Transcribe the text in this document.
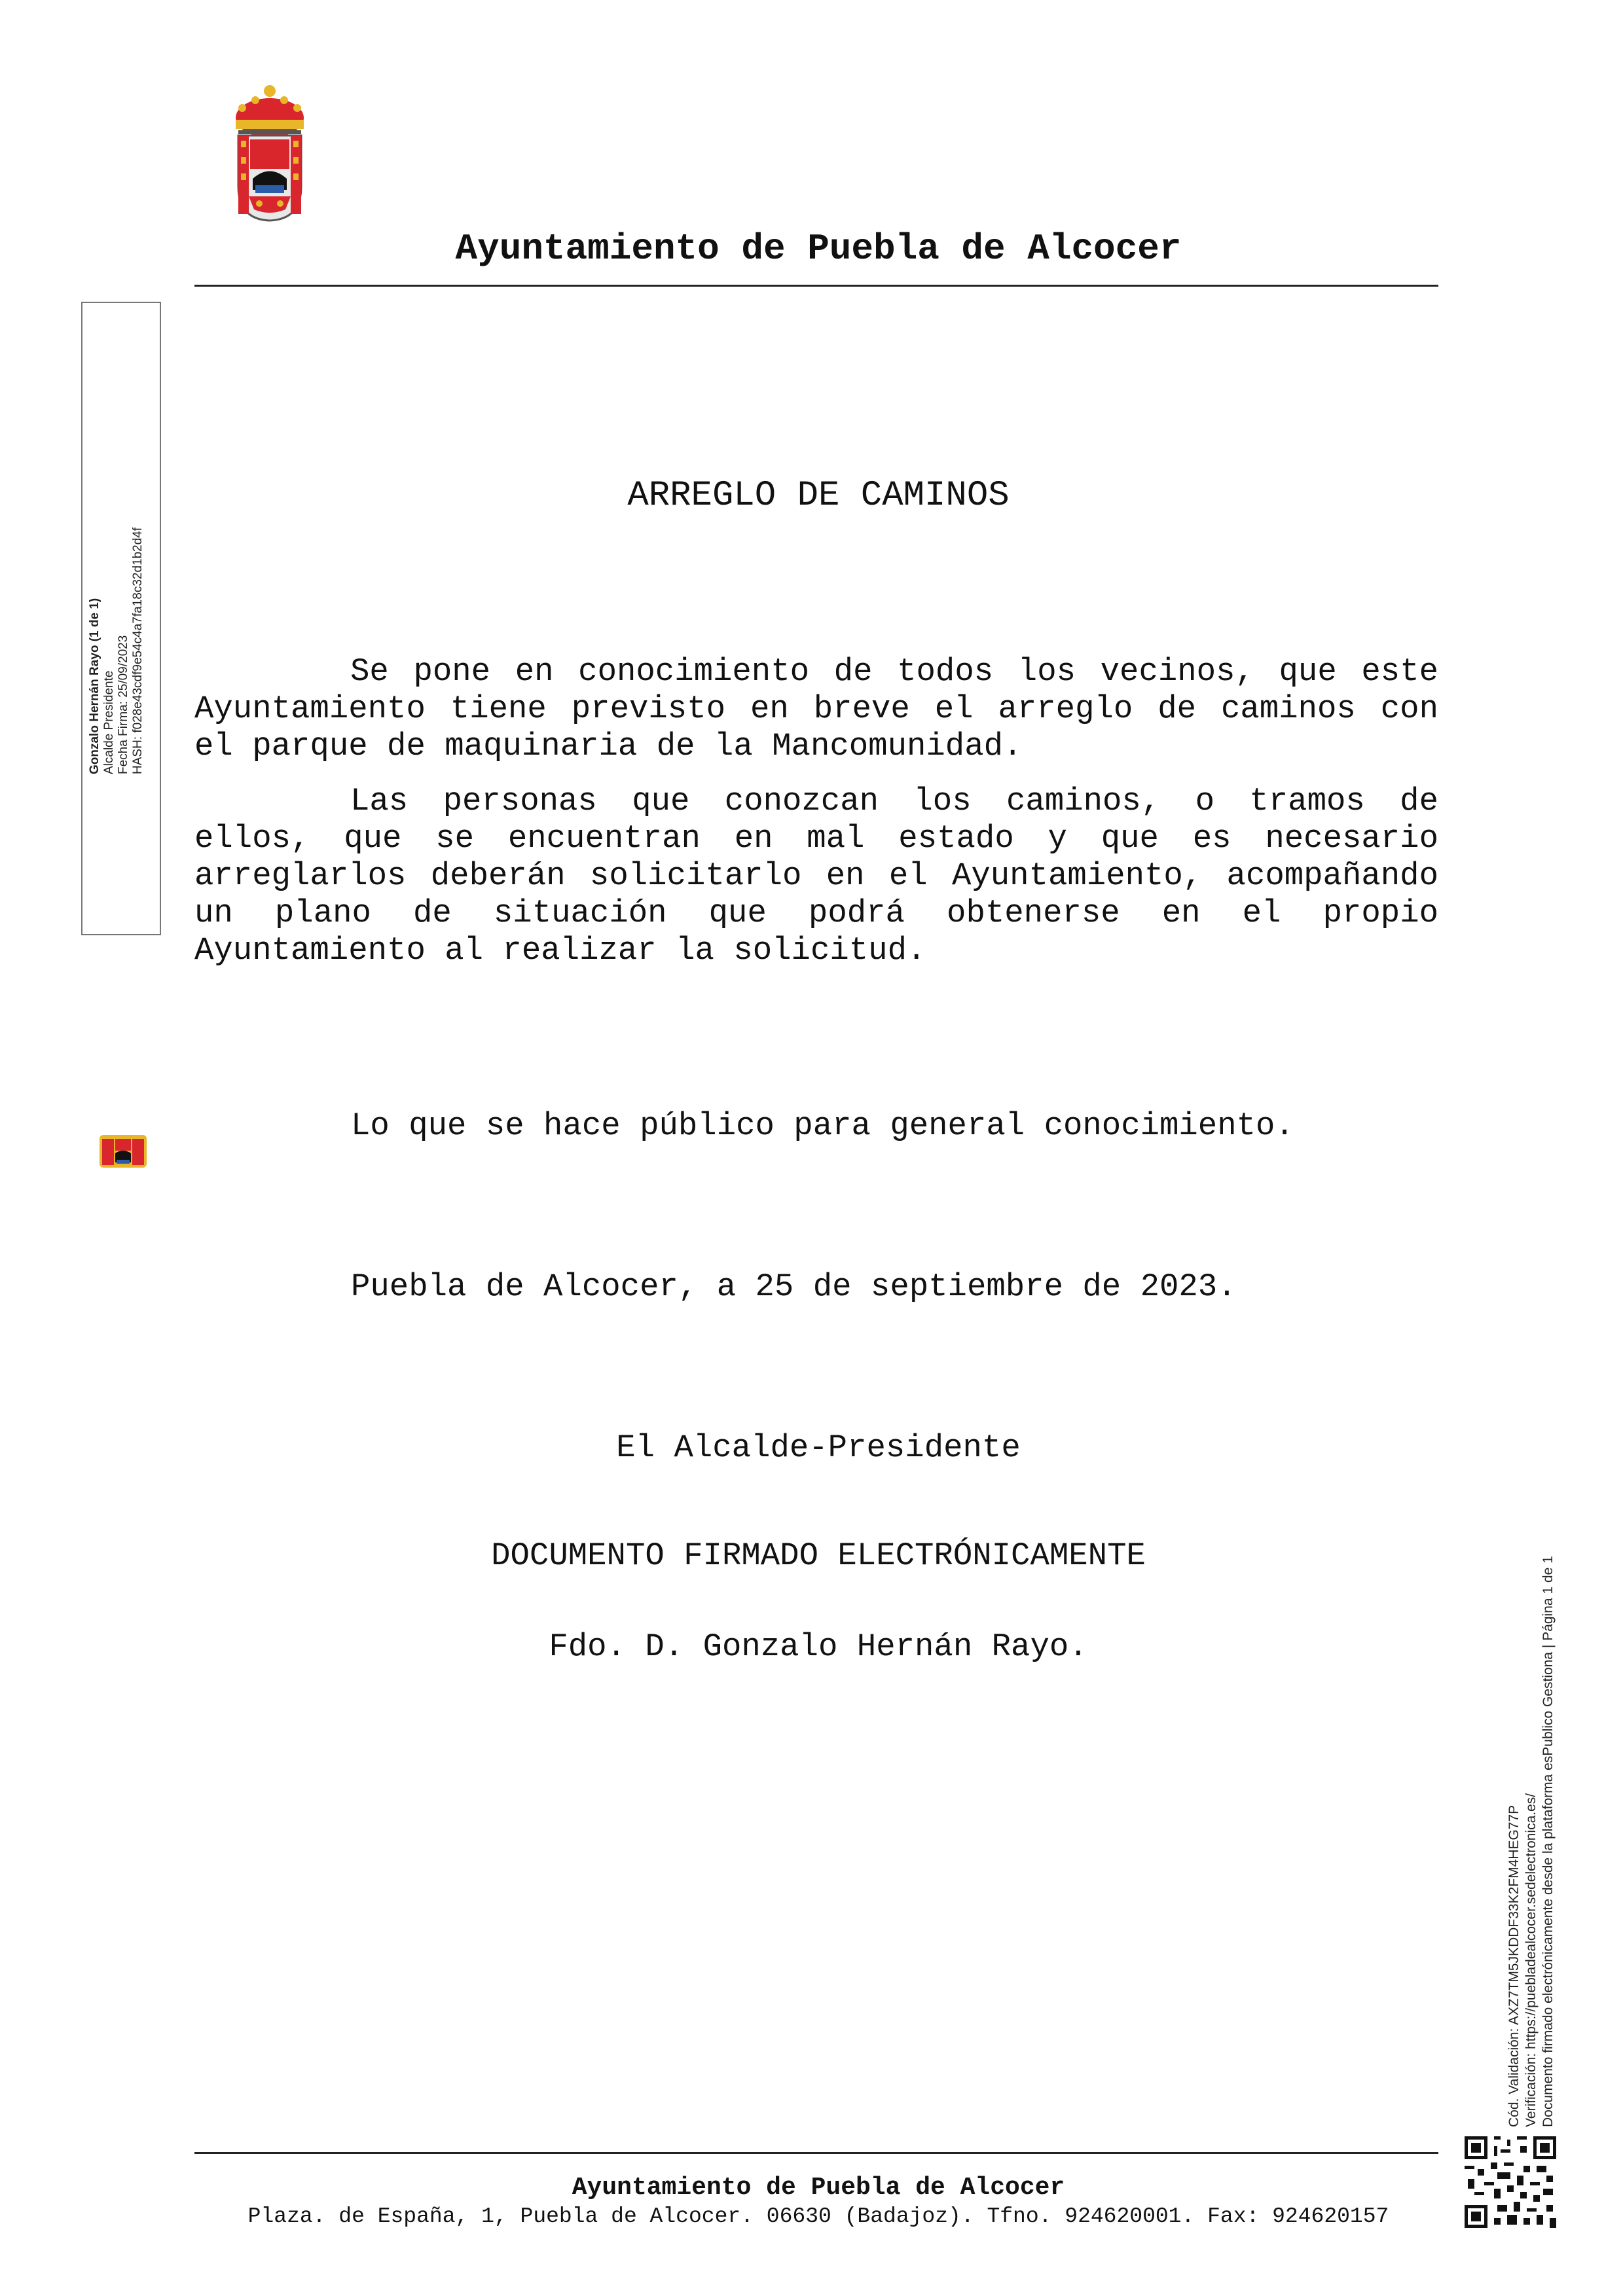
Ayuntamiento de Puebla de Alcocer
Gonzalo Hernán Rayo (1 de 1) Alcalde Presidente Fecha Firma: 25/09/2023 HASH: f028e43cdf9e54c4a7fa18c32d1b2d4f
ARREGLO DE CAMINOS

Se pone en conocimiento de todos los vecinos, que este Ayuntamiento tiene previsto en breve el arreglo de caminos con el parque de maquinaria de la Mancomunidad.

Las personas que conozcan los caminos, o tramos de ellos, que se encuentran en mal estado y que es necesario arreglarlos deberán solicitarlo en el Ayuntamiento, acompañando un plano de situación que podrá obtenerse en el propio Ayuntamiento al realizar la solicitud.

Lo que se hace público para general conocimiento.
Puebla de Alcocer, a 25 de septiembre de 2023.
El Alcalde-Presidente
DOCUMENTO FIRMADO ELECTRÓNICAMENTE
Fdo. D. Gonzalo Hernán Rayo.
Cód. Validación: AXZ7TM5JKDDF33K2FM4HEG77P Verificación: https://puebladealcocer.sedelectronica.es/ Documento firmado electrónicamente desde la plataforma esPublico Gestiona | Página 1 de 1
Ayuntamiento de Puebla de Alcocer
Plaza. de España, 1, Puebla de Alcocer. 06630 (Badajoz). Tfno. 924620001. Fax: 924620157
